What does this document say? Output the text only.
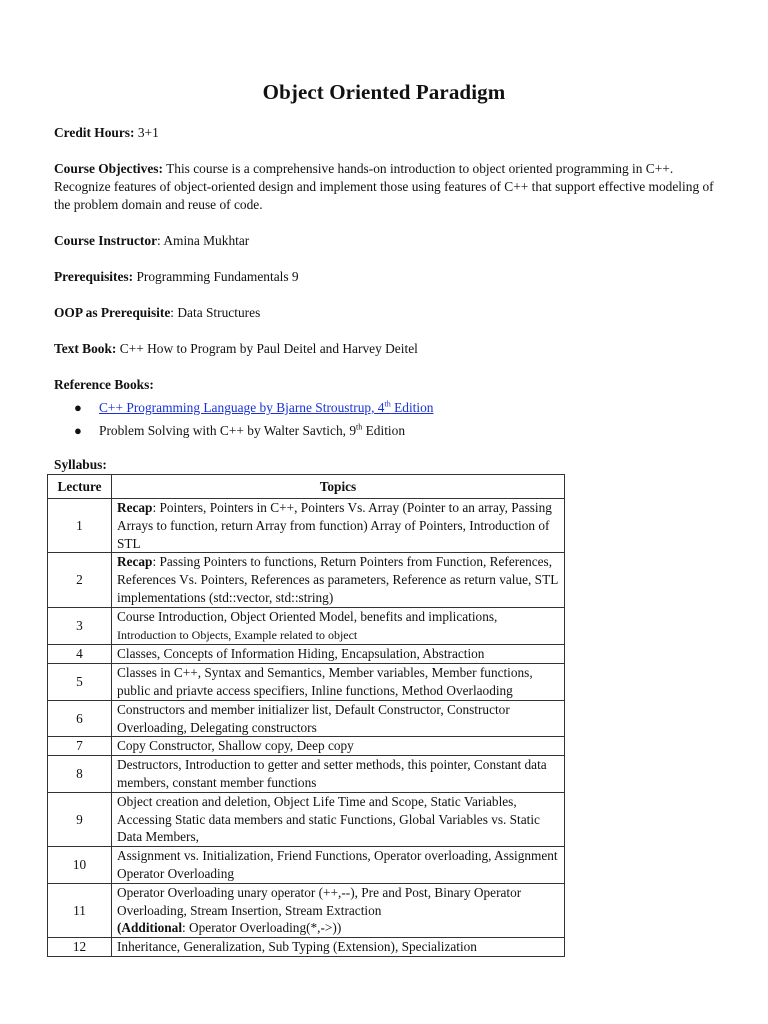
Object Oriented Paradigm

Credit Hours: 3+1

Course Objectives: This course is a comprehensive hands-on introduction to object oriented programming in C++. Recognize features of object-oriented design and implement those using features of C++ that support effective modeling of the problem domain and reuse of code.

Course Instructor: Amina Mukhtar

Prerequisites: Programming Fundamentals 9

OOP as Prerequisite: Data Structures

Text Book: C++ How to Program by Paul Deitel and Harvey Deitel

Reference Books:

● C++ Programming Language by Bjarne Stroustrup, 4th Edition
● Problem Solving with C++ by Walter Savtich, 9th Edition

Syllabus:

Lecture	Topics
1	Recap: Pointers, Pointers in C++, Pointers Vs. Array (Pointer to an array, Passing Arrays to function, return Array from function) Array of Pointers, Introduction of STL
2	Recap: Passing Pointers to functions, Return Pointers from Function, References, References Vs. Pointers, References as parameters, Reference as return value, STL implementations (std::vector, std::string)
3	Course Introduction, Object Oriented Model, benefits and implications,
Introduction to Objects, Example related to object
4	Classes, Concepts of Information Hiding, Encapsulation, Abstraction
5	Classes in C++, Syntax and Semantics, Member variables, Member functions, public and priavte access specifiers, Inline functions, Method Overlaoding
6	Constructors and member initializer list, Default Constructor, Constructor Overloading, Delegating constructors
7	Copy Constructor, Shallow copy, Deep copy
8	Destructors, Introduction to getter and setter methods, this pointer, Constant data members, constant member functions
9	Object creation and deletion, Object Life Time and Scope, Static Variables, Accessing Static data members and static Functions, Global Variables vs. Static Data Members,
10	Assignment vs. Initialization, Friend Functions, Operator overloading, Assignment Operator Overloading
11	Operator Overloading unary operator (++,--), Pre and Post, Binary Operator Overloading, Stream Insertion, Stream Extraction
(Additional: Operator Overloading(*,->))
12	Inheritance, Generalization, Sub Typing (Extension), Specialization
